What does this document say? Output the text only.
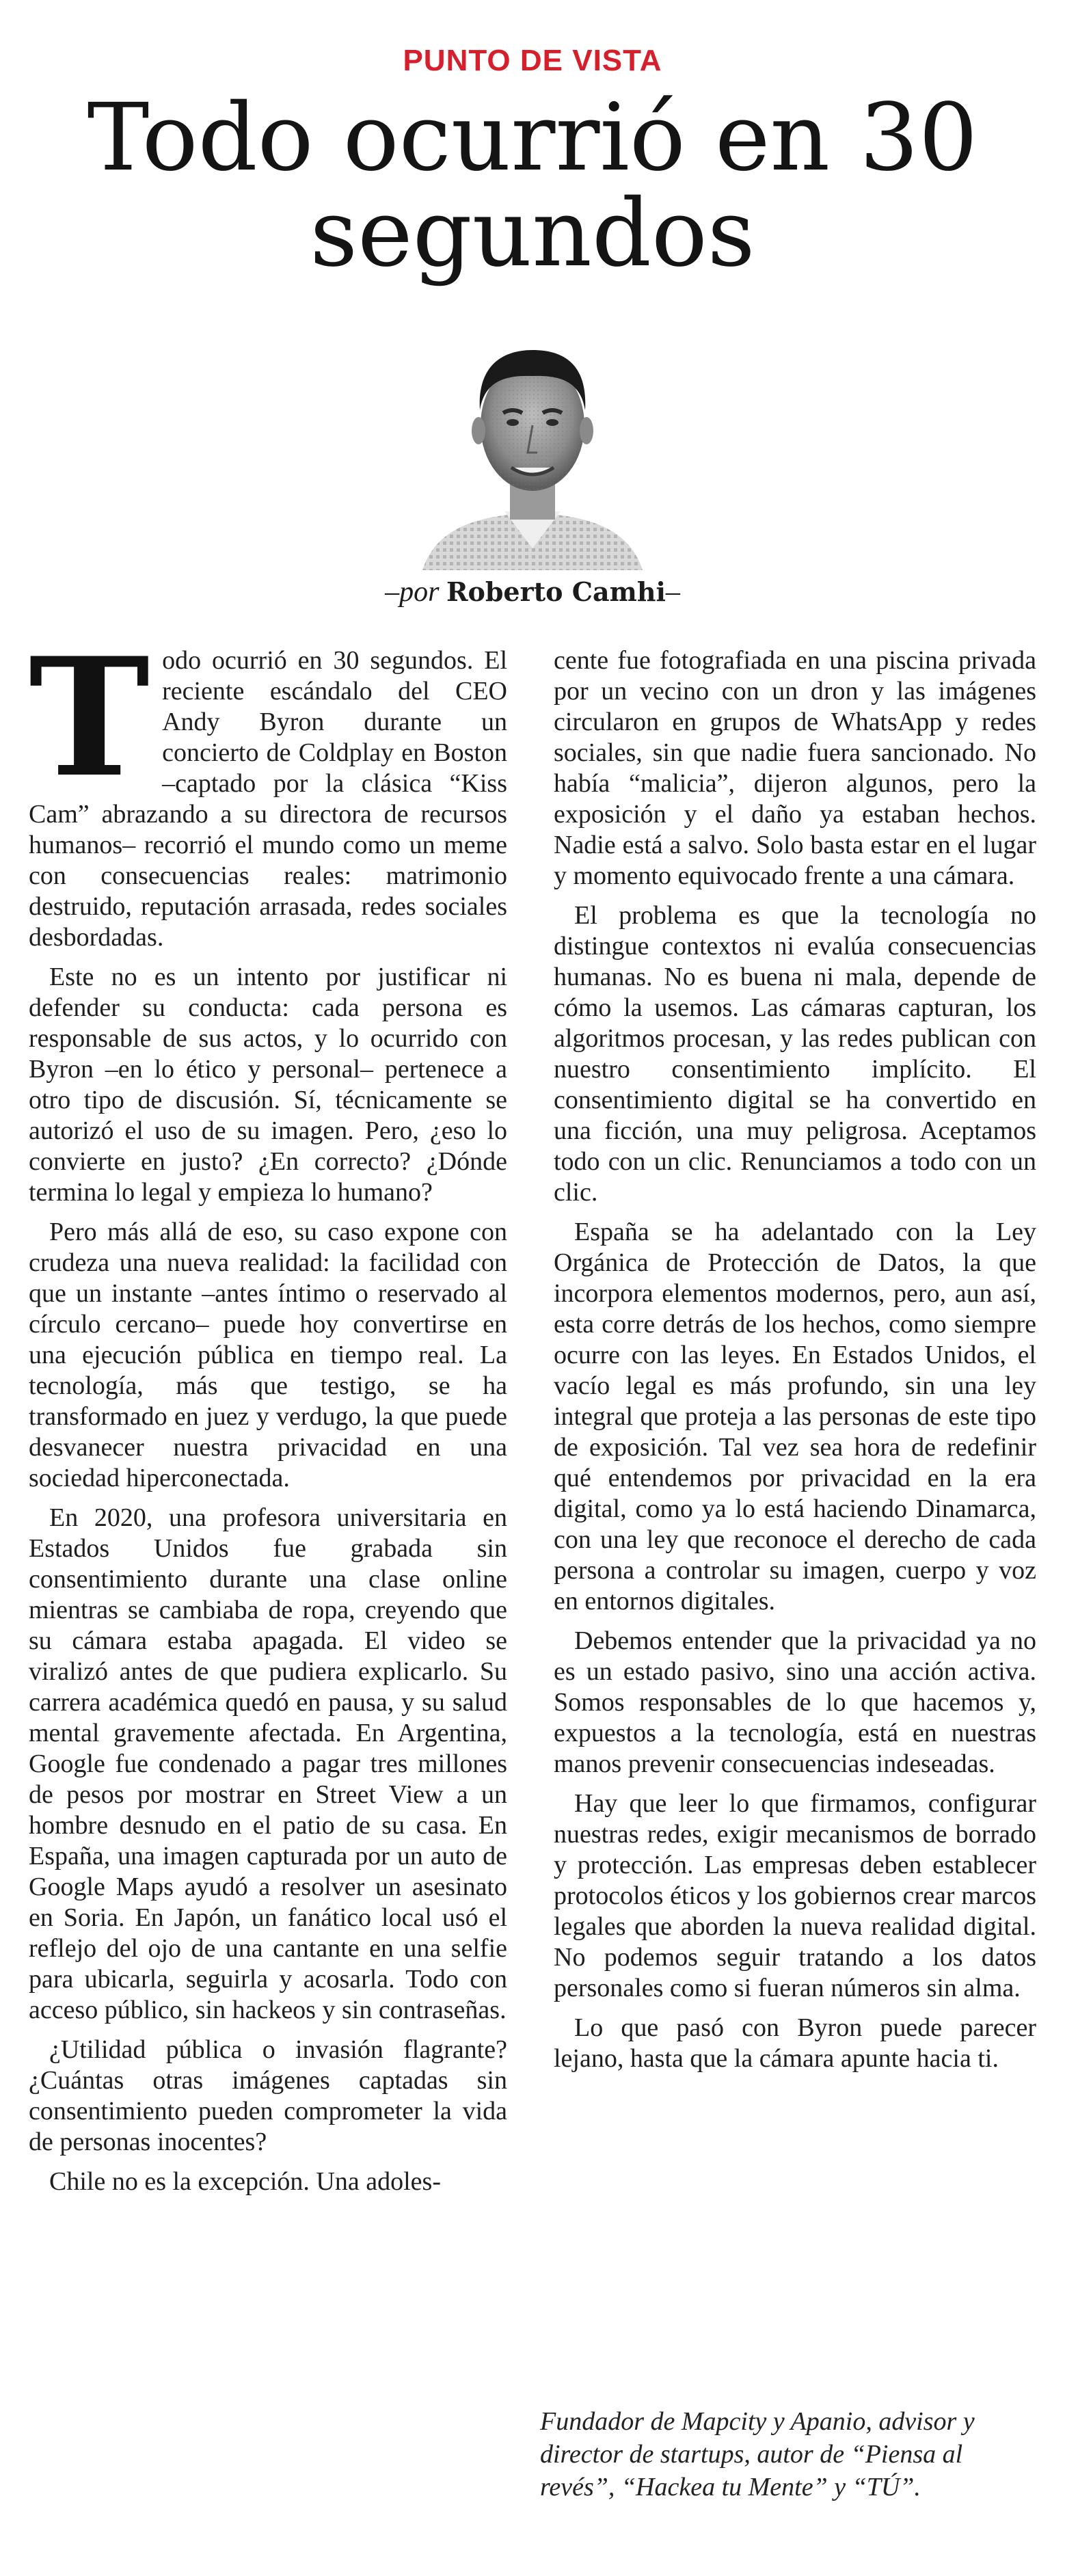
PUNTO DE VISTA
Todo ocurrió en 30 segundos
–por Roberto Camhi–

Todo ocurrió en 30 segundos. El reciente escándalo del CEO Andy Byron durante un concierto de Coldplay en Boston –captado por la clásica “Kiss Cam” abrazando a su directora de recursos humanos– recorrió el mundo como un meme con consecuencias reales: matrimonio destruido, reputación arrasada, redes sociales desbordadas.

Este no es un intento por justificar ni defender su conducta: cada persona es responsable de sus actos, y lo ocurrido con Byron –en lo ético y personal– pertenece a otro tipo de discusión. Sí, técnicamente se autorizó el uso de su imagen. Pero, ¿eso lo convierte en justo? ¿En correcto? ¿Dónde termina lo legal y empieza lo humano?

Pero más allá de eso, su caso expone con crudeza una nueva realidad: la facilidad con que un instante –antes íntimo o reservado al círculo cercano– puede hoy convertirse en una ejecución pública en tiempo real. La tecnología, más que testigo, se ha transformado en juez y verdugo, la que puede desvanecer nuestra privacidad en una sociedad hiperconectada.

En 2020, una profesora universitaria en Estados Unidos fue grabada sin consentimiento durante una clase online mientras se cambiaba de ropa, creyendo que su cámara estaba apagada. El video se viralizó antes de que pudiera explicarlo. Su carrera académica quedó en pausa, y su salud mental gravemente afectada. En Argentina, Google fue condenado a pagar tres millones de pesos por mostrar en Street View a un hombre desnudo en el patio de su casa. En España, una imagen capturada por un auto de Google Maps ayudó a resolver un asesinato en Soria. En Japón, un fanático local usó el reflejo del ojo de una cantante en una selfie para ubicarla, seguirla y acosarla. Todo con acceso público, sin hackeos y sin contraseñas.

¿Utilidad pública o invasión flagrante? ¿Cuántas otras imágenes captadas sin consentimiento pueden comprometer la vida de personas inocentes?

Chile no es la excepción. Una adoles-

cente fue fotografiada en una piscina privada por un vecino con un dron y las imágenes circularon en grupos de WhatsApp y redes sociales, sin que nadie fuera sancionado. No había “malicia”, dijeron algunos, pero la exposición y el daño ya estaban hechos. Nadie está a salvo. Solo basta estar en el lugar y momento equivocado frente a una cámara.

El problema es que la tecnología no distingue contextos ni evalúa consecuencias humanas. No es buena ni mala, depende de cómo la usemos. Las cámaras capturan, los algoritmos procesan, y las redes publican con nuestro consentimiento implícito. El consentimiento digital se ha convertido en una ficción, una muy peligrosa. Aceptamos todo con un clic. Renunciamos a todo con un clic.

España se ha adelantado con la Ley Orgánica de Protección de Datos, la que incorpora elementos modernos, pero, aun así, esta corre detrás de los hechos, como siempre ocurre con las leyes. En Estados Unidos, el vacío legal es más profundo, sin una ley integral que proteja a las personas de este tipo de exposición. Tal vez sea hora de redefinir qué entendemos por privacidad en la era digital, como ya lo está haciendo Dinamarca, con una ley que reconoce el derecho de cada persona a controlar su imagen, cuerpo y voz en entornos digitales.

Debemos entender que la privacidad ya no es un estado pasivo, sino una acción activa. Somos responsables de lo que hacemos y, expuestos a la tecnología, está en nuestras manos prevenir consecuencias indeseadas.

Hay que leer lo que firmamos, configurar nuestras redes, exigir mecanismos de borrado y protección. Las empresas deben establecer protocolos éticos y los gobiernos crear marcos legales que aborden la nueva realidad digital. No podemos seguir tratando a los datos personales como si fueran números sin alma.

Lo que pasó con Byron puede parecer lejano, hasta que la cámara apunte hacia ti.

Fundador de Mapcity y Apanio, advisor y director de startups, autor de “Piensa al revés”, “Hackea tu Mente” y “TÚ”.
